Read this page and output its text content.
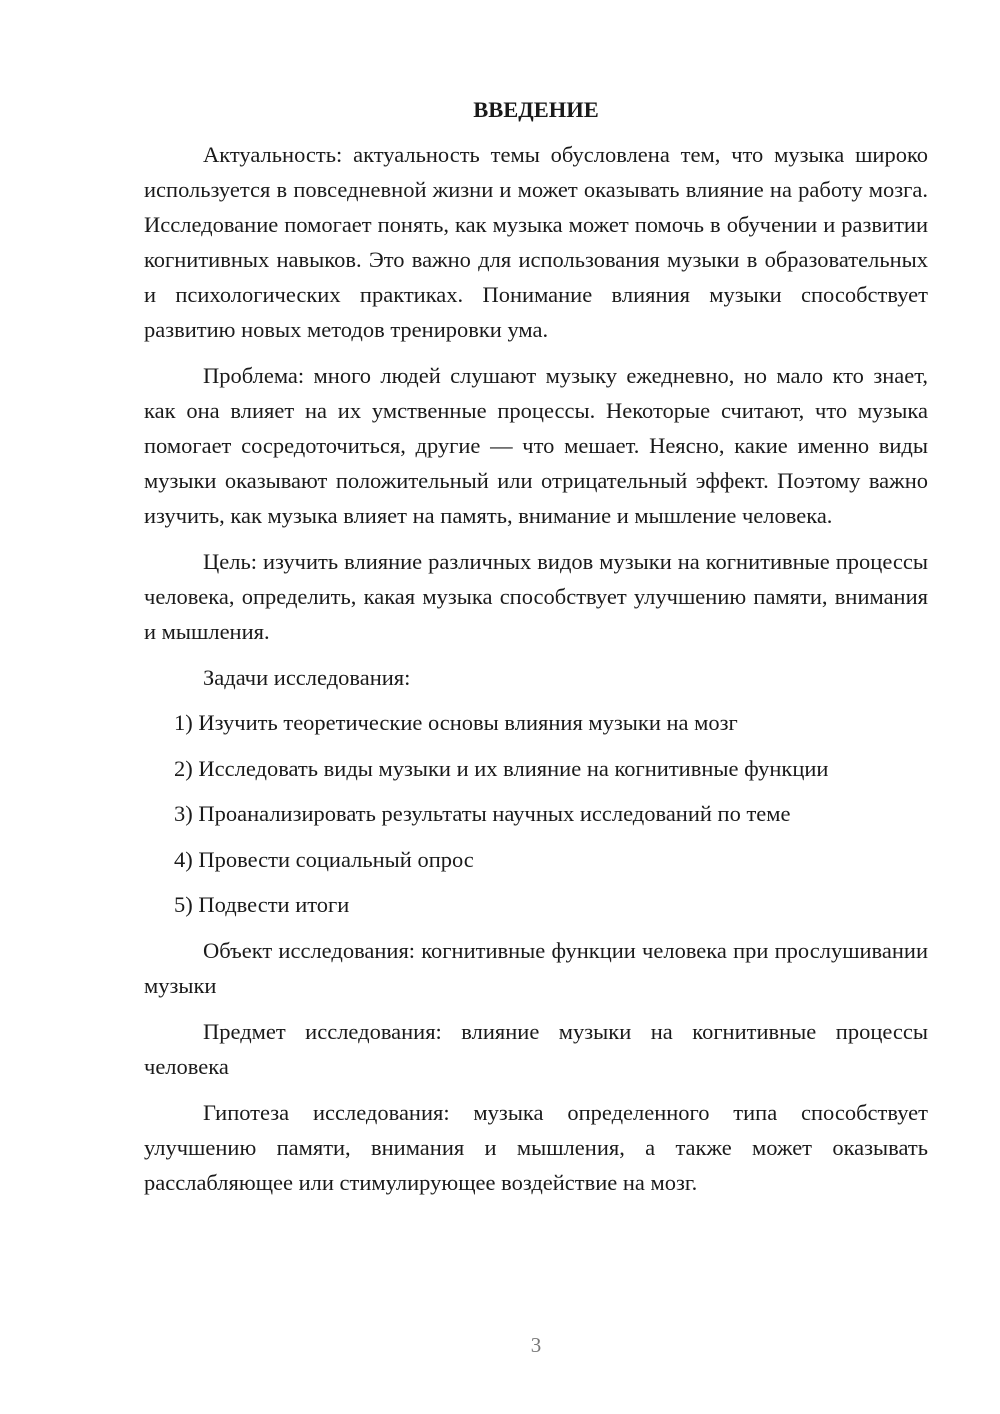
ВВЕДЕНИЕ

Актуальность: актуальность темы обусловлена тем, что музыка широко используется в повседневной жизни и может оказывать влияние на работу мозга. Исследование помогает понять, как музыка может помочь в обучении и развитии когнитивных навыков. Это важно для использования музыки в образовательных и психологических практиках. Понимание влияния музыки способствует развитию новых методов тренировки ума.

Проблема: много людей слушают музыку ежедневно, но мало кто знает, как она влияет на их умственные процессы. Некоторые считают, что музыка помогает сосредоточиться, другие — что мешает. Неясно, какие именно виды музыки оказывают положительный или отрицательный эффект. Поэтому важно изучить, как музыка влияет на память, внимание и мышление человека.

Цель: изучить влияние различных видов музыки на когнитивные процессы человека, определить, какая музыка способствует улучшению памяти, внимания и мышления.

Задачи исследования:

1) Изучить теоретические основы влияния музыки на мозг
2) Исследовать виды музыки и их влияние на когнитивные функции
3) Проанализировать результаты научных исследований по теме
4) Провести социальный опрос
5) Подвести итоги

Объект исследования: когнитивные функции человека при прослушивании музыки

Предмет исследования: влияние музыки на когнитивные процессы человека

Гипотеза исследования: музыка определенного типа способствует улучшению памяти, внимания и мышления, а также может оказывать расслабляющее или стимулирующее воздействие на мозг.

3
